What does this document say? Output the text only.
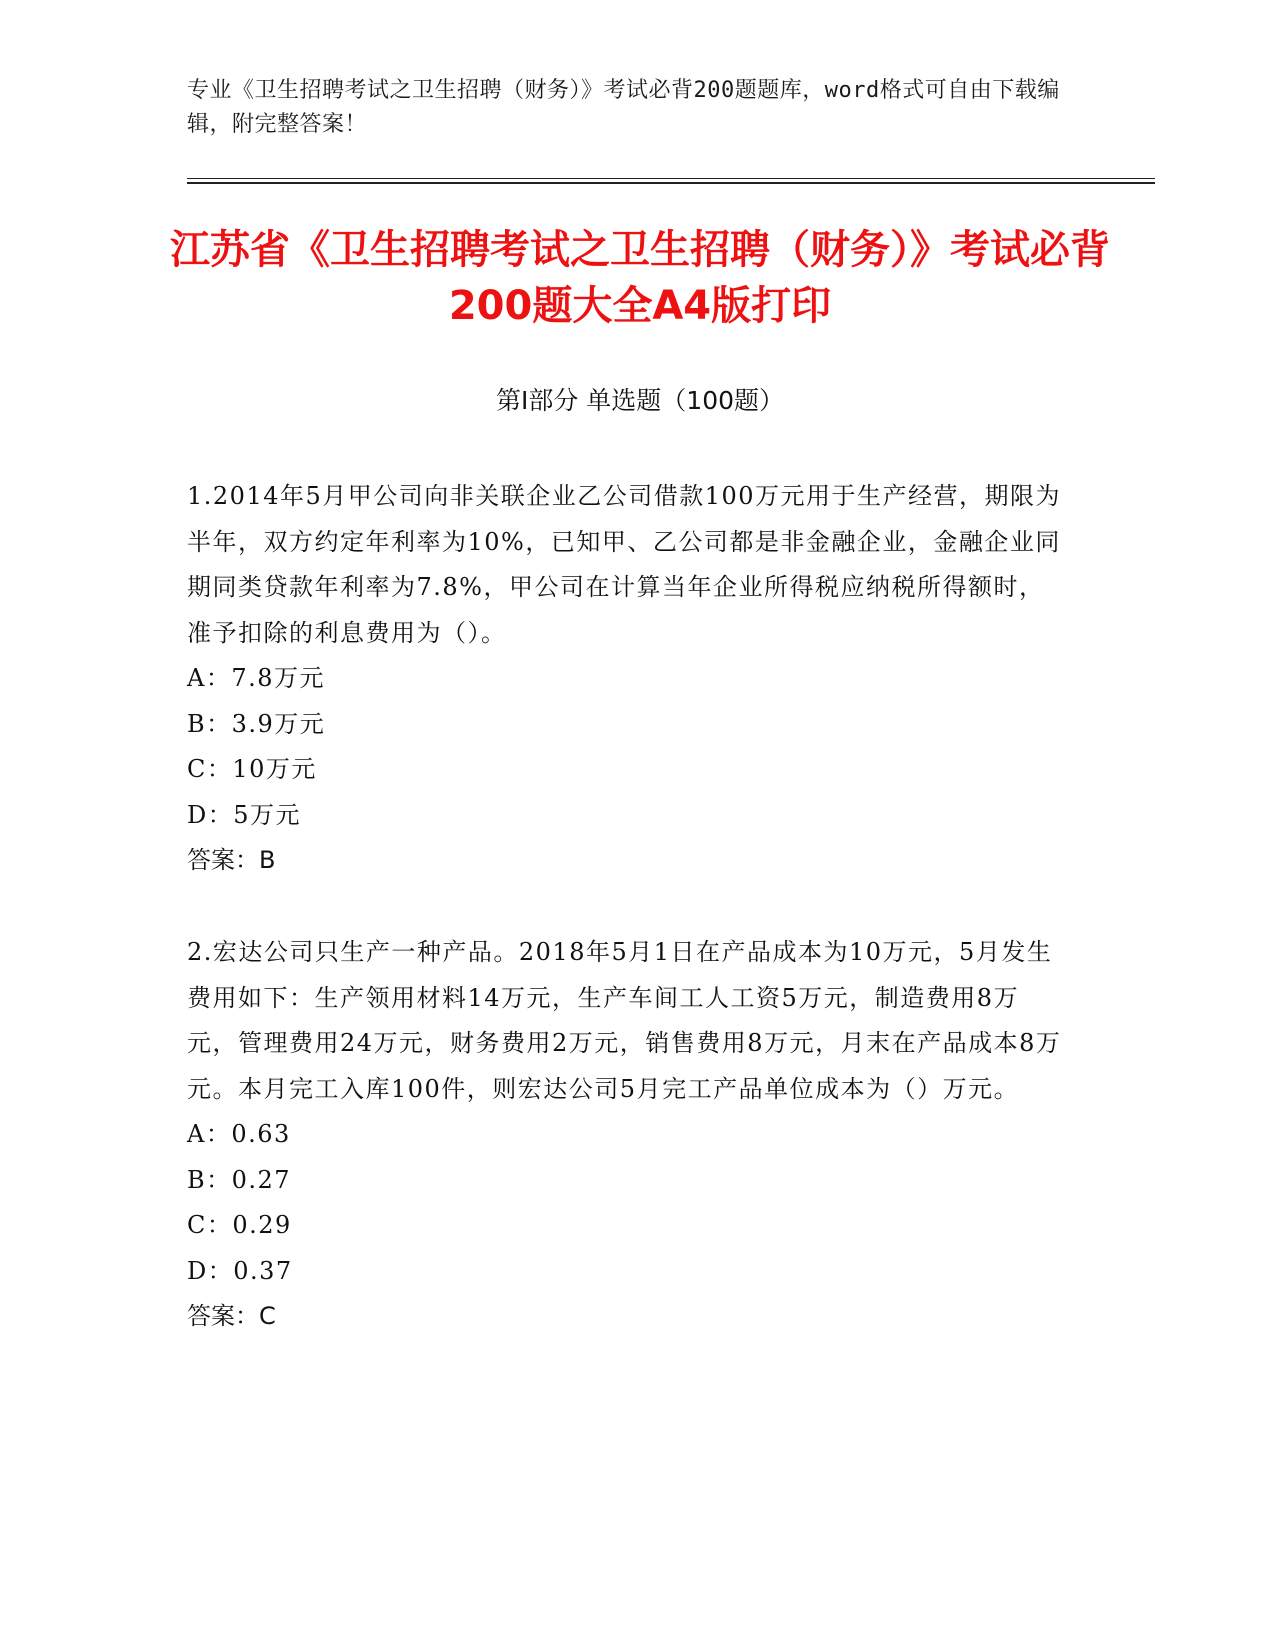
专业《卫生招聘考试之卫生招聘（财务）》考试必背200题题库，word格式可自由下载编辑，附完整答案！
江苏省《卫生招聘考试之卫生招聘（财务）》考试必背200题大全A4版打印
第Ⅰ部分 单选题（100题）

1.2014年5月甲公司向非关联企业乙公司借款100万元用于生产经营，期限为半年，双方约定年利率为10%，已知甲、乙公司都是非金融企业，金融企业同期同类贷款年利率为7.8%，甲公司在计算当年企业所得税应纳税所得额时，准予扣除的利息费用为（）。

A：7.8万元

B：3.9万元

C：10万元

D：5万元

答案：B

2.宏达公司只生产一种产品。2018年5月1日在产品成本为10万元，5月发生费用如下：生产领用材料14万元，生产车间工人工资5万元，制造费用8万元，管理费用24万元，财务费用2万元，销售费用8万元，月末在产品成本8万元。本月完工入库100件，则宏达公司5月完工产品单位成本为（）万元。

A：0.63

B：0.27

C：0.29

D：0.37

答案：C
